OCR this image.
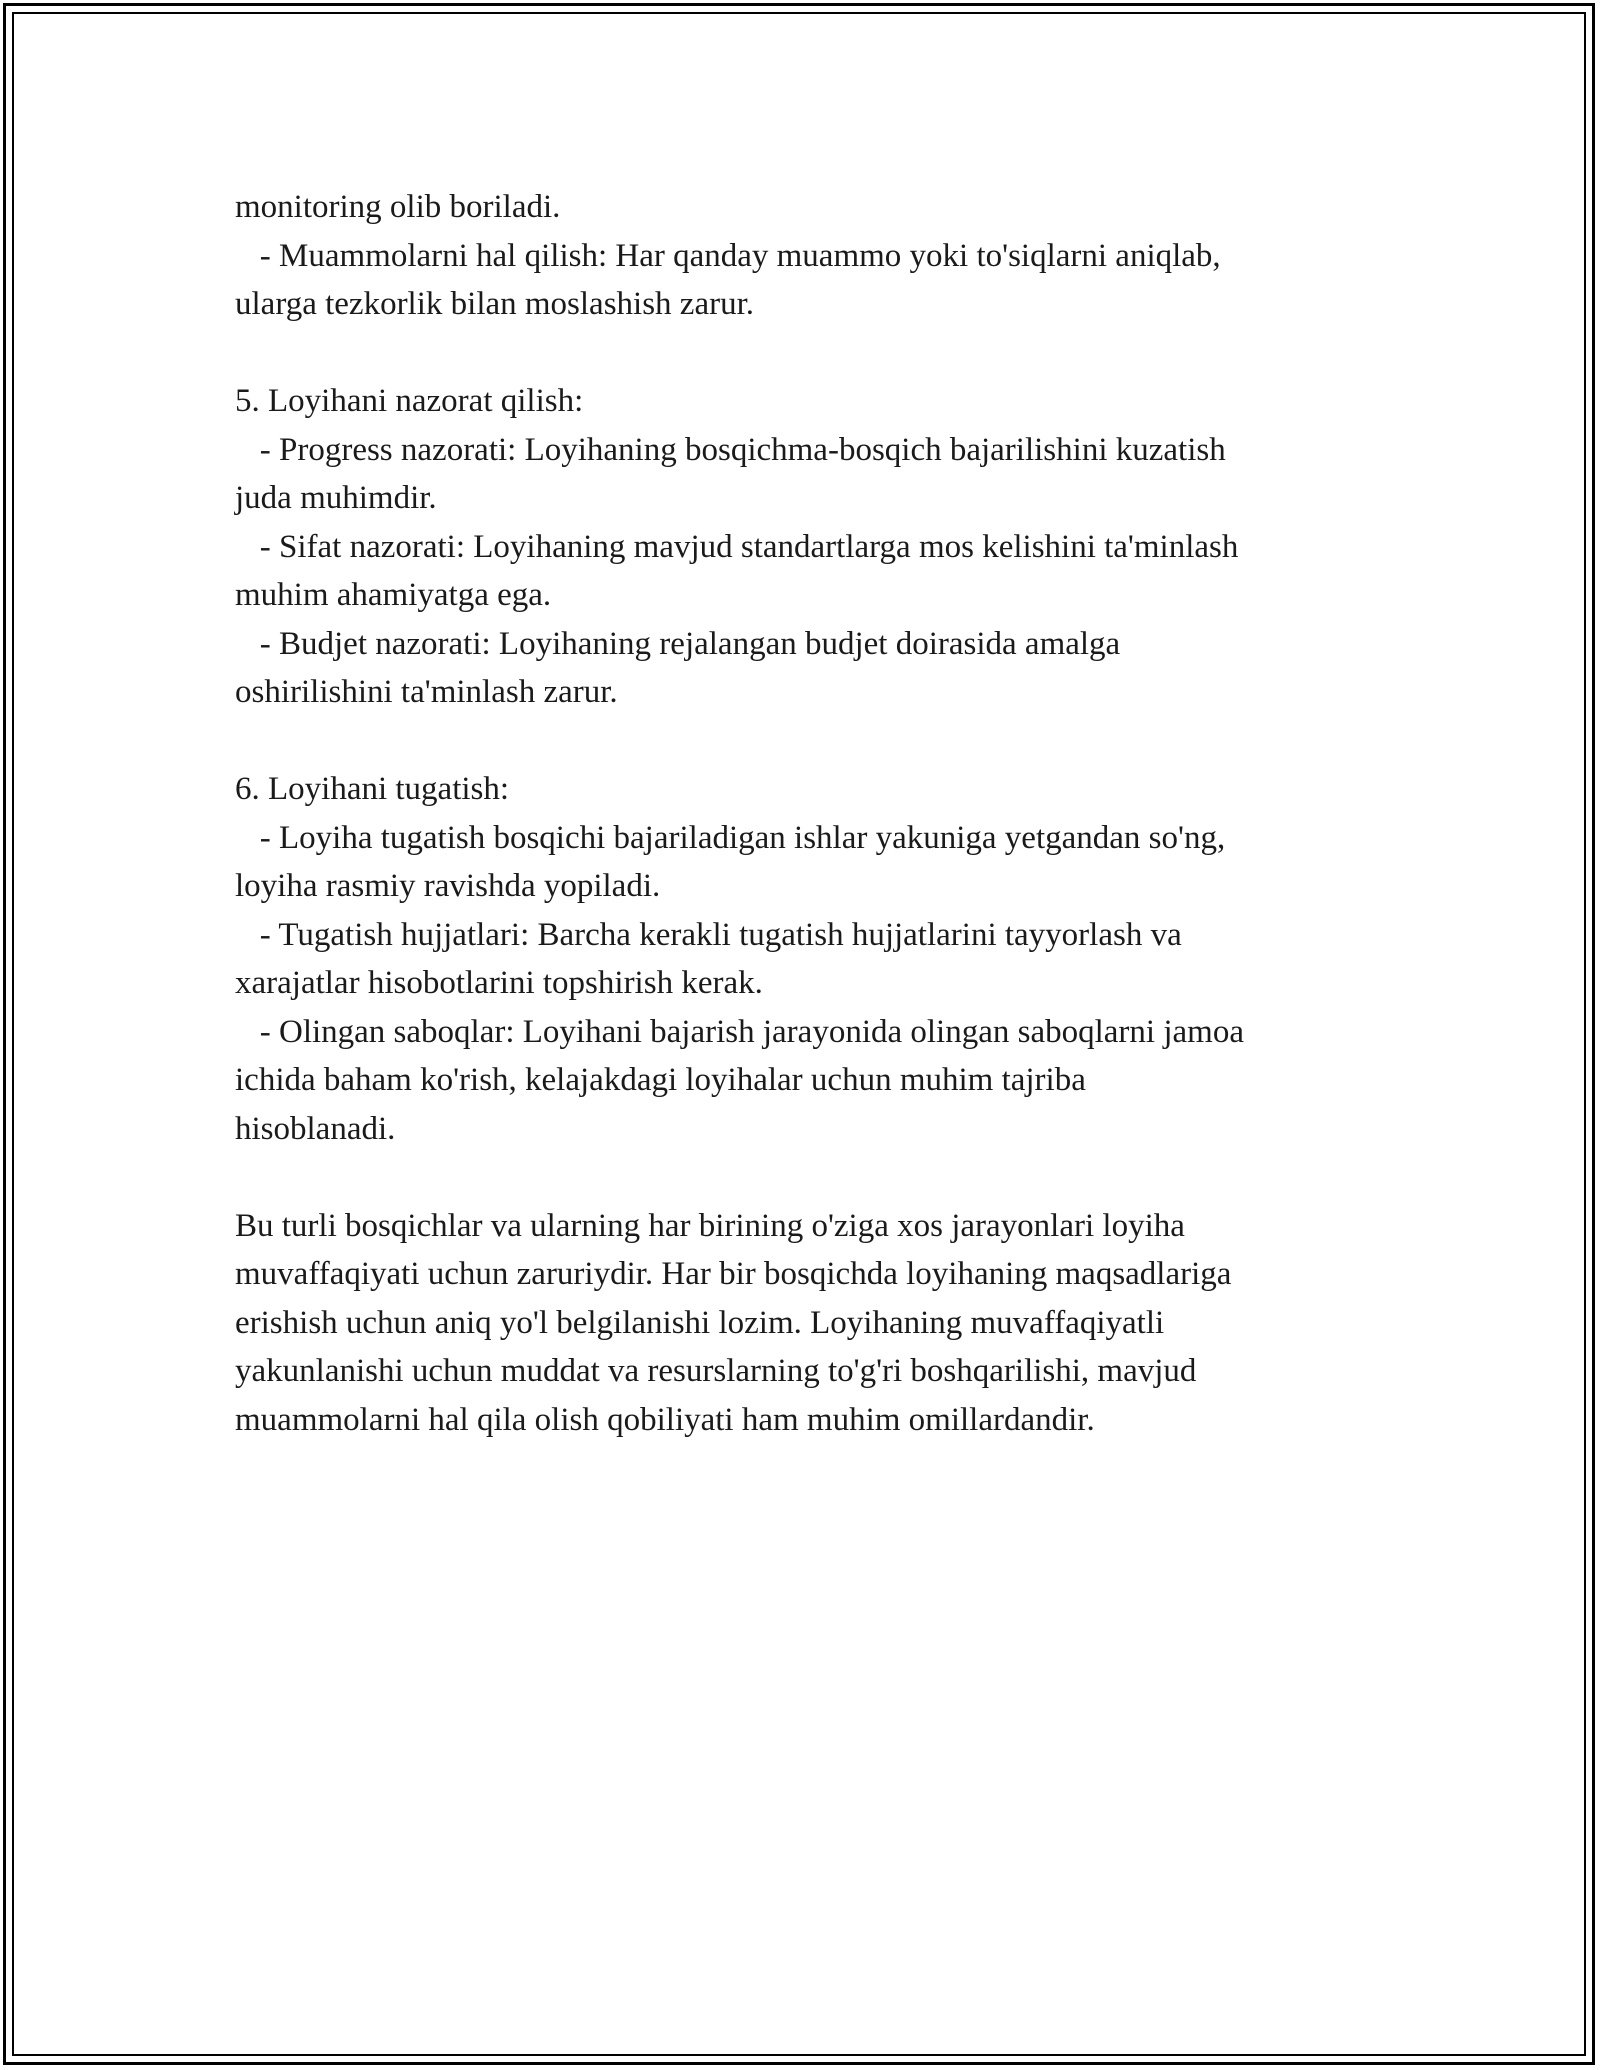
monitoring olib boriladi.
- Muammolarni hal qilish: Har qanday muammo yoki to'siqlarni aniqlab,
ularga tezkorlik bilan moslashish zarur.
5. Loyihani nazorat qilish:
- Progress nazorati: Loyihaning bosqichma-bosqich bajarilishini kuzatish
juda muhimdir.
- Sifat nazorati: Loyihaning mavjud standartlarga mos kelishini ta'minlash
muhim ahamiyatga ega.
- Budjet nazorati: Loyihaning rejalangan budjet doirasida amalga
oshirilishini ta'minlash zarur.
6. Loyihani tugatish:
- Loyiha tugatish bosqichi bajariladigan ishlar yakuniga yetgandan so'ng,
loyiha rasmiy ravishda yopiladi.
- Tugatish hujjatlari: Barcha kerakli tugatish hujjatlarini tayyorlash va
xarajatlar hisobotlarini topshirish kerak.
- Olingan saboqlar: Loyihani bajarish jarayonida olingan saboqlarni jamoa
ichida baham ko'rish, kelajakdagi loyihalar uchun muhim tajriba
hisoblanadi.
Bu turli bosqichlar va ularning har birining o'ziga xos jarayonlari loyiha
muvaffaqiyati uchun zaruriydir. Har bir bosqichda loyihaning maqsadlariga
erishish uchun aniq yo'l belgilanishi lozim. Loyihaning muvaffaqiyatli
yakunlanishi uchun muddat va resurslarning to'g'ri boshqarilishi, mavjud
muammolarni hal qila olish qobiliyati ham muhim omillardandir.
